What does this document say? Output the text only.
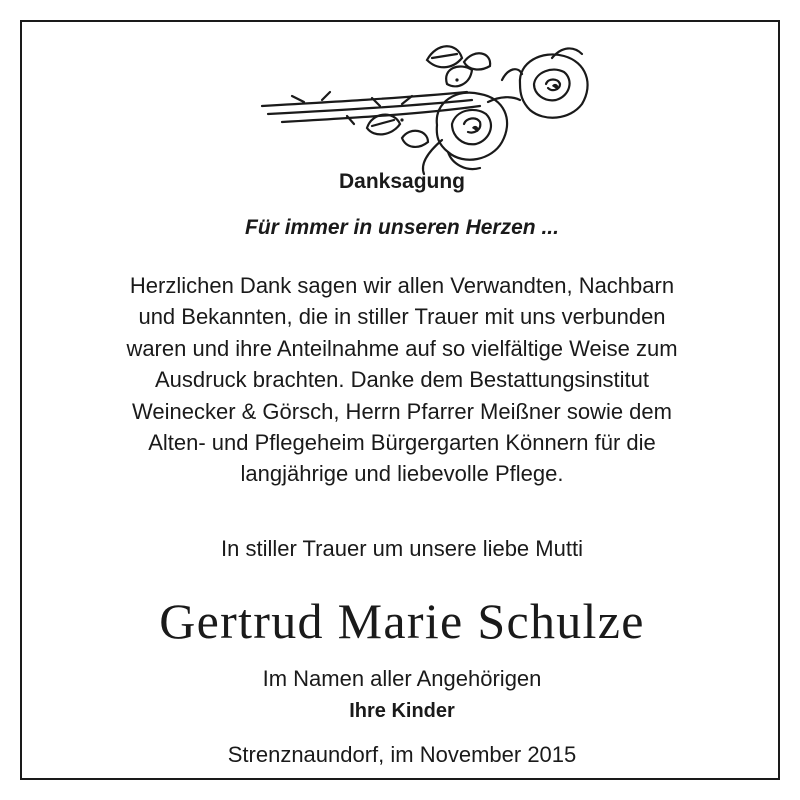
Danksagung
Für immer in unseren Herzen ...
Herzlichen Dank sagen wir allen Verwandten, Nachbarn
und Bekannten, die in stiller Trauer mit uns verbunden
waren und ihre Anteilnahme auf so vielfältige Weise zum
Ausdruck brachten. Danke dem Bestattungsinstitut
Weinecker & Görsch, Herrn Pfarrer Meißner sowie dem
Alten- und Pflegeheim Bürgergarten Könnern für die
langjährige und liebevolle Pflege.
In stiller Trauer um unsere liebe Mutti
Gertrud Marie Schulze
Im Namen aller Angehörigen
Ihre Kinder
Strenznaundorf, im November 2015
